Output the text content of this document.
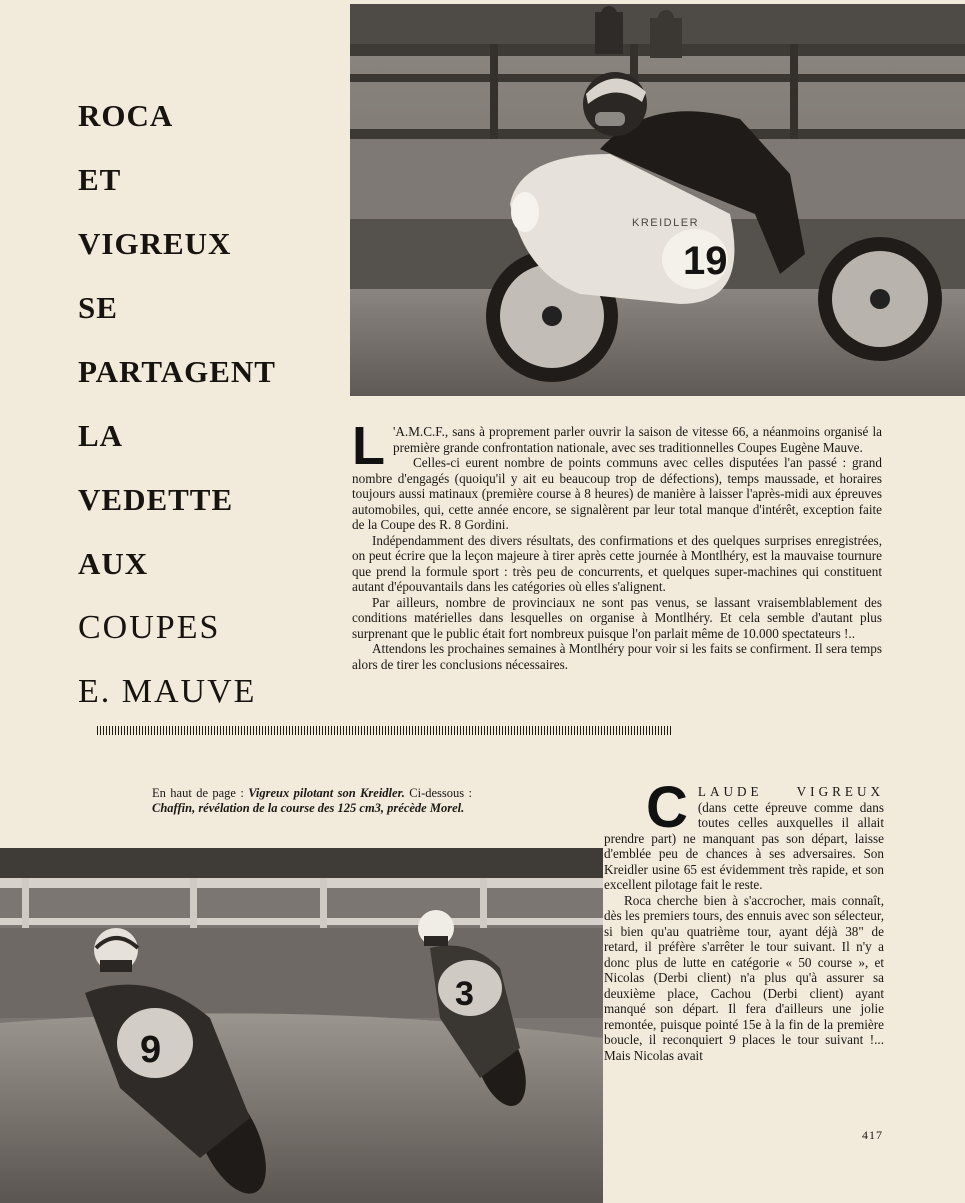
ROCA
ET
VIGREUX
SE
PARTAGENT
LA
VEDETTE
AUX
COUPES
E. MAUVE
19
KREIDLER

L 'A.M.C.F., sans à proprement parler ouvrir la saison de vitesse 66, a néanmoins organisé la première grande confrontation nationale, avec ses traditionnelles Coupes Eugène Mauve.

Celles-ci eurent nombre de points communs avec celles disputées l'an passé : grand nombre d'engagés (quoiqu'il y ait eu beaucoup trop de défections), temps maussade, et horaires toujours aussi matinaux (première course à 8 heures) de manière à laisser l'après-midi aux épreuves automobiles, qui, cette année encore, se signalèrent par leur total manque d'intérêt, exception faite de la Coupe des R. 8 Gordini.

Indépendamment des divers résultats, des confirmations et des quelques surprises enregistrées, on peut écrire que la leçon majeure à tirer après cette journée à Montlhéry, est la mauvaise tournure que prend la formule sport : très peu de concurrents, et quelques super-machines qui constituent autant d'épouvantails dans les catégories où elles s'alignent.

Par ailleurs, nombre de provinciaux ne sont pas venus, se lassant vraisemblablement des conditions matérielles dans lesquelles on organise à Montlhéry. Et cela semble d'autant plus surprenant que le public était fort nombreux puisque l'on parlait même de 10.000 spectateurs !..

Attendons les prochaines semaines à Montlhéry pour voir si les faits se confirment. Il sera temps alors de tirer les conclusions nécessaires.

En haut de page : Vigreux pilotant son Kreidler. Ci-dessous : Chaffin, révélation de la course des 125 cm3, précède Morel.
3
9

CLAUDE VIGREUX (dans cette épreuve comme dans toutes celles auxquelles il allait prendre part) ne manquant pas son départ, laisse d'emblée peu de chances à ses adversaires. Son Kreidler usine 65 est évidemment très rapide, et son excellent pilotage fait le reste.

Roca cherche bien à s'accrocher, mais connaît, dès les premiers tours, des ennuis avec son sélecteur, si bien qu'au quatrième tour, ayant déjà 38" de retard, il préfère s'arrêter le tour suivant. Il n'y a donc plus de lutte en catégorie « 50 course », et Nicolas (Derbi client) n'a plus qu'à assurer sa deuxième place, Cachou (Derbi client) ayant manqué son départ. Il fera d'ailleurs une jolie remontée, puisque pointé 15e à la fin de la première boucle, il reconquiert 9 places le tour suivant !... Mais Nicolas avait

417
